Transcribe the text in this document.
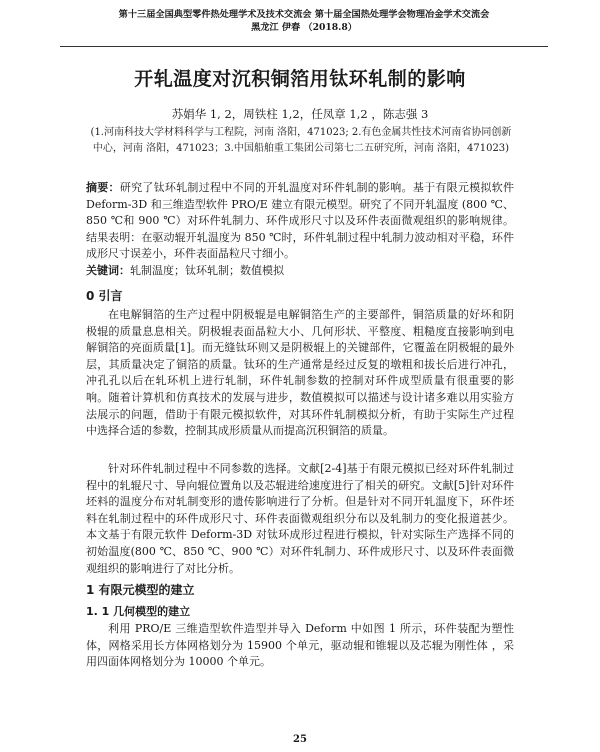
第十三届全国典型零件热处理学术及技术交流会 第十届全国热处理学会物理冶金学术交流会
黑龙江 伊春 （2018.8）
开轧温度对沉积铜箔用钛环轧制的影响
苏娟华 1, 2，周铁柱 1,2，任凤章 1,2 ，陈志强 3
(1.河南科技大学材料科学与工程院，河南 洛阳，471023; 2.有色金属共性技术河南省协同创新中心，河南 洛阳，471023；3.中国船舶重工集团公司第七二五研究所，河南 洛阳，471023)
摘要：研究了钛环轧制过程中不同的开轧温度对环件轧制的影响。基于有限元模拟软件 Deform-3D 和三维造型软件 PRO/E 建立有限元模型。研究了不同开轧温度 (800 ℃、850 ℃和 900 ℃）对环件轧制力、环件成形尺寸以及环件表面微观组织的影响规律。结果表明：在驱动辊开轧温度为 850 ℃时，环件轧制过程中轧制力波动相对平稳，环件成形尺寸误差小，环件表面晶粒尺寸细小。
关键词：轧制温度；钛环轧制；数值模拟
0 引言

在电解铜箔的生产过程中阴极辊是电解铜箔生产的主要部件，铜箔质量的好坏和阴极辊的质量息息相关。阴极辊表面晶粒大小、几何形状、平整度、粗糙度直接影响到电解铜箔的亮面质量[1]。而无缝钛环则又是阴极辊上的关键部件，它覆盖在阴极辊的最外层，其质量决定了铜箔的质量。钛环的生产通常是经过反复的墩粗和拔长后进行冲孔，冲孔孔以后在轧环机上进行轧制，环件轧制参数的控制对环件成型质量有很重要的影响。随着计算机和仿真技术的发展与进步，数值模拟可以描述与设计诸多难以用实验方法展示的问题，借助于有限元模拟软件，对其环件轧制模拟分析，有助于实际生产过程中选择合适的参数，控制其成形质量从而提高沉积铜箔的质量。

针对环件轧制过程中不同参数的选择。文献[2-4]基于有限元模拟已经对环件轧制过程中的轧辊尺寸、导向辊位置角以及芯辊进给速度进行了相关的研究。文献[5]针对环件坯料的温度分布对轧制变形的遗传影响进行了分析。但是针对不同开轧温度下，环件坯料在轧制过程中的环件成形尺寸、环件表面微观组织分布以及轧制力的变化报道甚少。本文基于有限元软件 Deform-3D 对钛环成形过程进行模拟，针对实际生产选择不同的初始温度(800 ℃、850 ℃、900 ℃）对环件轧制力、环件成形尺寸、以及环件表面微观组织的影响进行了对比分析。

1 有限元模型的建立
1. 1 几何模型的建立

利用 PRO/E 三维造型软件造型并导入 Deform 中如图 1 所示，环件装配为塑性体，网格采用长方体网格划分为 15900 个单元，驱动辊和锥辊以及芯辊为刚性体 ，采用四面体网格划分为 10000 个单元。

25
